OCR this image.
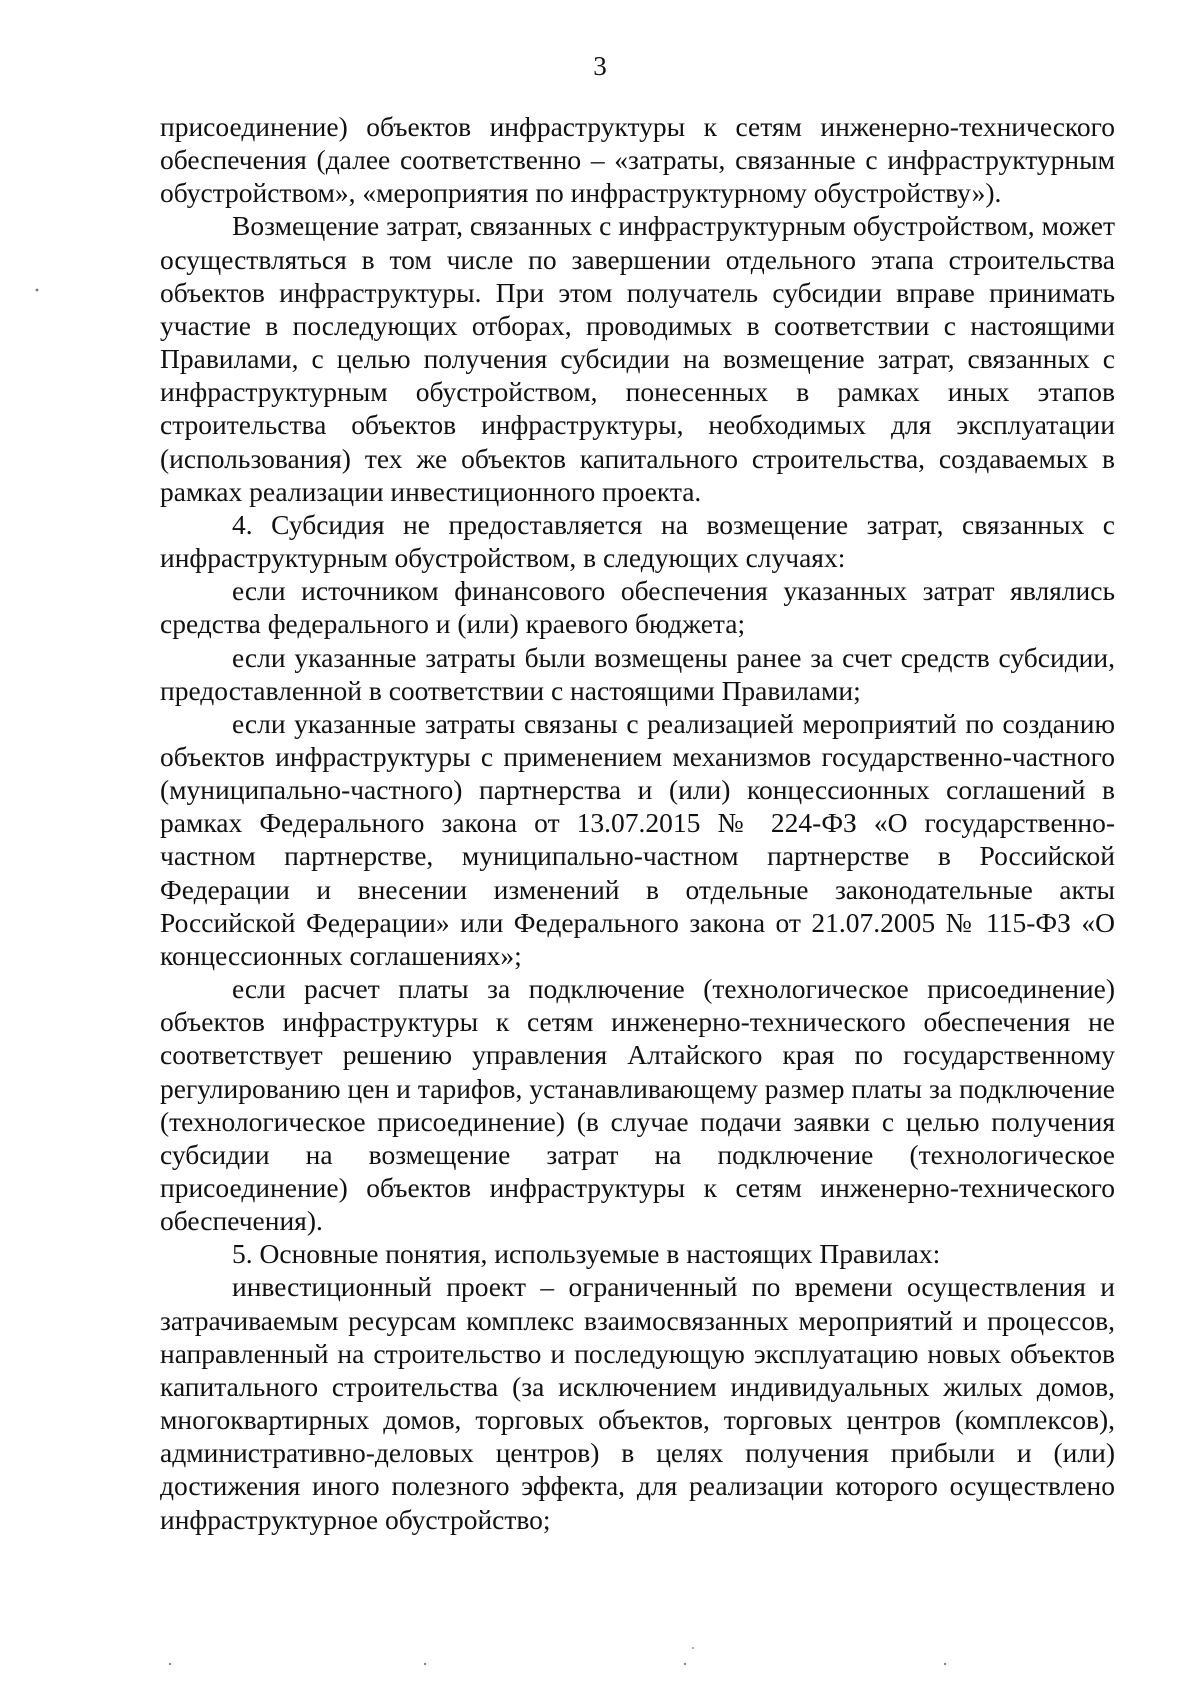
3

присоединение) объектов инфраструктуры к сетям инженерно-технического обеспечения (далее соответственно – «затраты, связанные с инфраструктурным обустройством», «мероприятия по инфраструктурному обустройству»).

Возмещение затрат, связанных с инфраструктурным обустройством, может осуществляться в том числе по завершении отдельного этапа строительства объектов инфраструктуры. При этом получатель субсидии вправе принимать участие в последующих отборах, проводимых в соответствии с настоящими Правилами, с целью получения субсидии на возмещение затрат, связанных с инфраструктурным обустройством, понесенных в рамках иных этапов строительства объектов инфраструктуры, необходимых для эксплуатации (использования) тех же объектов капитального строительства, создаваемых в рамках реализации инвестиционного проекта.

4. Субсидия не предоставляется на возмещение затрат, связанных с инфраструктурным обустройством, в следующих случаях:

если источником финансового обеспечения указанных затрат являлись средства федерального и (или) краевого бюджета;

если указанные затраты были возмещены ранее за счет средств субсидии, предоставленной в соответствии с настоящими Правилами;

если указанные затраты связаны с реализацией мероприятий по созданию объектов инфраструктуры с применением механизмов государственно-частного (муниципально-частного) партнерства и (или) концессионных соглашений в рамках Федерального закона от 13.07.2015 № 224-ФЗ «О государственно-частном партнерстве, муниципально-частном партнерстве в Российской Федерации и внесении изменений в отдельные законодательные акты Российской Федерации» или Федерального закона от 21.07.2005 № 115-ФЗ «О концессионных соглашениях»;

если расчет платы за подключение (технологическое присоединение) объектов инфраструктуры к сетям инженерно-технического обеспечения не соответствует решению управления Алтайского края по государственному регулированию цен и тарифов, устанавливающему размер платы за подключение (технологическое присоединение) (в случае подачи заявки с целью получения субсидии на возмещение затрат на подключение (технологическое присоединение) объектов инфраструктуры к сетям инженерно-технического обеспечения).

5. Основные понятия, используемые в настоящих Правилах:

инвестиционный проект – ограниченный по времени осуществления и затрачиваемым ресурсам комплекс взаимосвязанных мероприятий и процессов, направленный на строительство и последующую эксплуатацию новых объектов капитального строительства (за исключением индивидуальных жилых домов, многоквартирных домов, торговых объектов, торговых центров (комплексов), административно-деловых центров) в целях получения прибыли и (или) достижения иного полезного эффекта, для реализации которого осуществлено инфраструктурное обустройство;
